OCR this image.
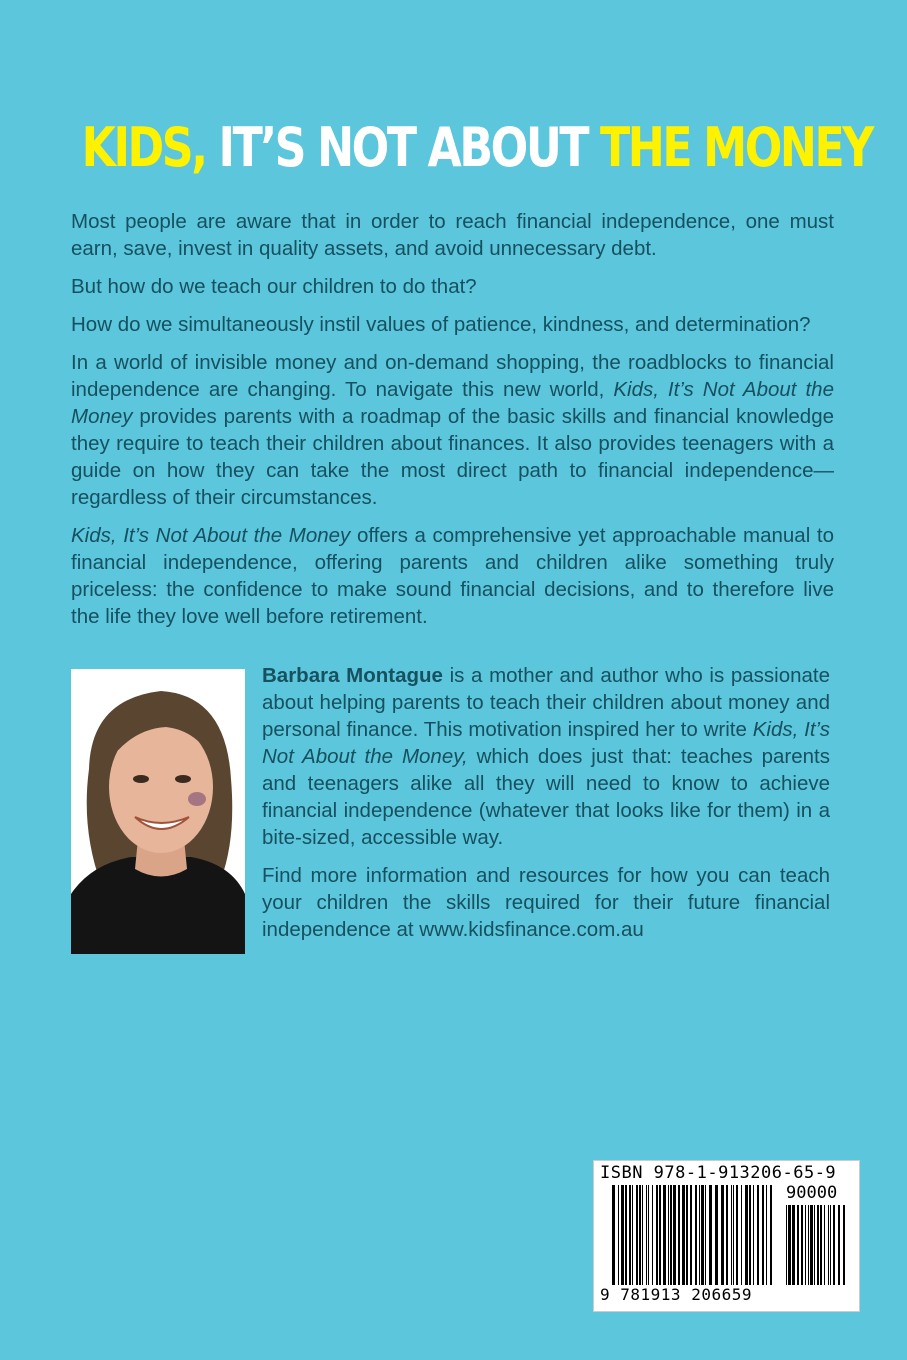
KIDS, IT’S NOT ABOUT THE MONEY

Most people are aware that in order to reach financial independence, one must earn, save, invest in quality assets, and avoid unnecessary debt.

But how do we teach our children to do that?

How do we simultaneously instil values of patience, kindness, and determination?

In a world of invisible money and on-demand shopping, the roadblocks to financial independence are changing. To navigate this new world, Kids, It’s Not About the Money provides parents with a roadmap of the basic skills and financial knowledge they require to teach their children about finances. It also provides teenagers with a guide on how they can take the most direct path to financial independence—regardless of their circumstances.

Kids, It’s Not About the Money offers a comprehensive yet approachable manual to financial independence, offering parents and children alike something truly priceless: the confidence to make sound financial decisions, and to therefore live the life they love well before retirement.

Barbara Montague is a mother and author who is passionate about helping parents to teach their children about money and personal finance. This motivation inspired her to write Kids, It’s Not About the Money, which does just that: teaches parents and teenagers alike all they will need to know to achieve financial independence (whatever that looks like for them) in a bite-sized, accessible way.

Find more information and resources for how you can teach your children the skills required for their future financial independence at www.kidsfinance.com.au

ISBN 978-1-913206-65-9
90000
9 781913 206659
